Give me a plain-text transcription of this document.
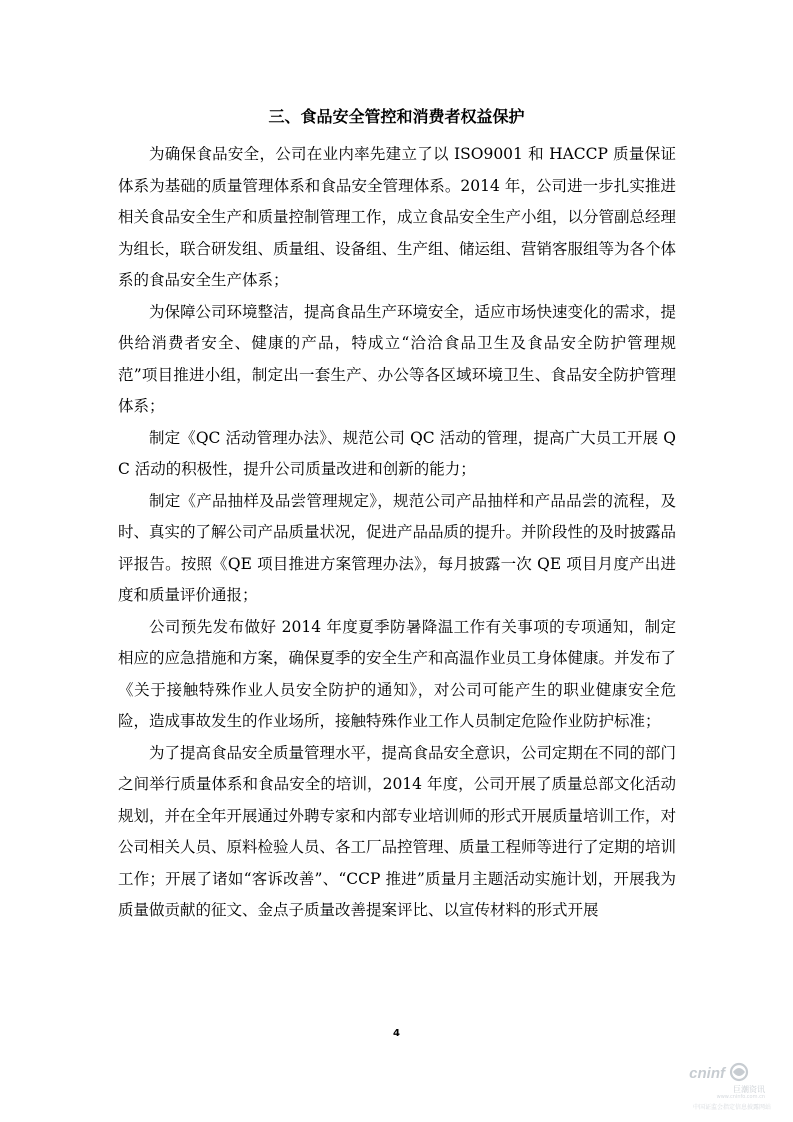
三、食品安全管控和消费者权益保护

为确保食品安全，公司在业内率先建立了以 ISO9001 和 HACCP 质量保证体系为基础的质量管理体系和食品安全管理体系。2014 年，公司进一步扎实推进相关食品安全生产和质量控制管理工作，成立食品安全生产小组，以分管副总经理为组长，联合研发组、质量组、设备组、生产组、储运组、营销客服组等为各个体系的食品安全生产体系；

为保障公司环境整洁，提高食品生产环境安全，适应市场快速变化的需求，提供给消费者安全、健康的产品，特成立“洽洽食品卫生及食品安全防护管理规范”项目推进小组，制定出一套生产、办公等各区域环境卫生、食品安全防护管理体系；

制定《QC 活动管理办法》、规范公司 QC 活动的管理，提高广大员工开展 QC 活动的积极性，提升公司质量改进和创新的能力；

制定《产品抽样及品尝管理规定》，规范公司产品抽样和产品品尝的流程，及时、真实的了解公司产品质量状况，促进产品品质的提升。并阶段性的及时披露品评报告。按照《QE 项目推进方案管理办法》，每月披露一次 QE 项目月度产出进度和质量评价通报；

公司预先发布做好 2014 年度夏季防暑降温工作有关事项的专项通知，制定相应的应急措施和方案，确保夏季的安全生产和高温作业员工身体健康。并发布了《关于接触特殊作业人员安全防护的通知》，对公司可能产生的职业健康安全危险，造成事故发生的作业场所，接触特殊作业工作人员制定危险作业防护标准；

为了提高食品安全质量管理水平，提高食品安全意识，公司定期在不同的部门之间举行质量体系和食品安全的培训，2014 年度，公司开展了质量总部文化活动规划，并在全年开展通过外聘专家和内部专业培训师的形式开展质量培训工作，对公司相关人员、原料检验人员、各工厂品控管理、质量工程师等进行了定期的培训工作；开展了诸如“客诉改善”、“CCP 推进”质量月主题活动实施计划，开展我为质量做贡献的征文、金点子质量改善提案评比、以宣传材料的形式开展

4
cninf
巨潮资讯
www.cninfo.com.cn
中国证监会指定信息披露网站
